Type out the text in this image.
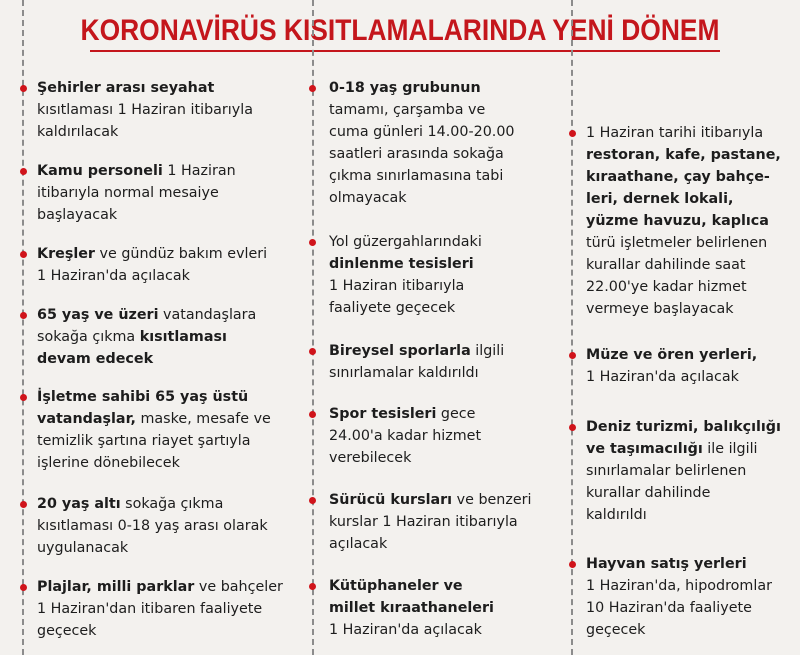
KORONAVİRÜS KISITLAMALARINDA YENİ DÖNEM
Şehirler arası seyahat
kısıtlaması 1 Haziran itibarıyla
kaldırılacak
Kamu personeli 1 Haziran
itibarıyla normal mesaiye
başlayacak
Kreşler ve gündüz bakım evleri
1 Haziran'da açılacak
65 yaş ve üzeri vatandaşlara
sokağa çıkma kısıtlaması
devam edecek
İşletme sahibi 65 yaş üstü
vatandaşlar, maske, mesafe ve
temizlik şartına riayet şartıyla
işlerine dönebilecek
20 yaş altı sokağa çıkma
kısıtlaması 0-18 yaş arası olarak
uygulanacak
Plajlar, milli parklar ve bahçeler
1 Haziran'dan itibaren faaliyete
geçecek
0-18 yaş grubunun
tamamı, çarşamba ve
cuma günleri 14.00-20.00
saatleri arasında sokağa
çıkma sınırlamasına tabi
olmayacak
Yol güzergahlarındaki
dinlenme tesisleri
1 Haziran itibarıyla
faaliyete geçecek
Bireysel sporlarla ilgili
sınırlamalar kaldırıldı
Spor tesisleri gece
24.00'a kadar hizmet
verebilecek
Sürücü kursları ve benzeri
kurslar 1 Haziran itibarıyla
açılacak
Kütüphaneler ve
millet kıraathaneleri
1 Haziran'da açılacak
1 Haziran tarihi itibarıyla
restoran, kafe, pastane,
kıraathane, çay bahçe-
leri, dernek lokali,
yüzme havuzu, kaplıca
türü işletmeler belirlenen
kurallar dahilinde saat
22.00'ye kadar hizmet
vermeye başlayacak
Müze ve ören yerleri,
1 Haziran'da açılacak
Deniz turizmi, balıkçılığı
ve taşımacılığı ile ilgili
sınırlamalar belirlenen
kurallar dahilinde
kaldırıldı
Hayvan satış yerleri
1 Haziran'da, hipodromlar
10 Haziran'da faaliyete
geçecek
